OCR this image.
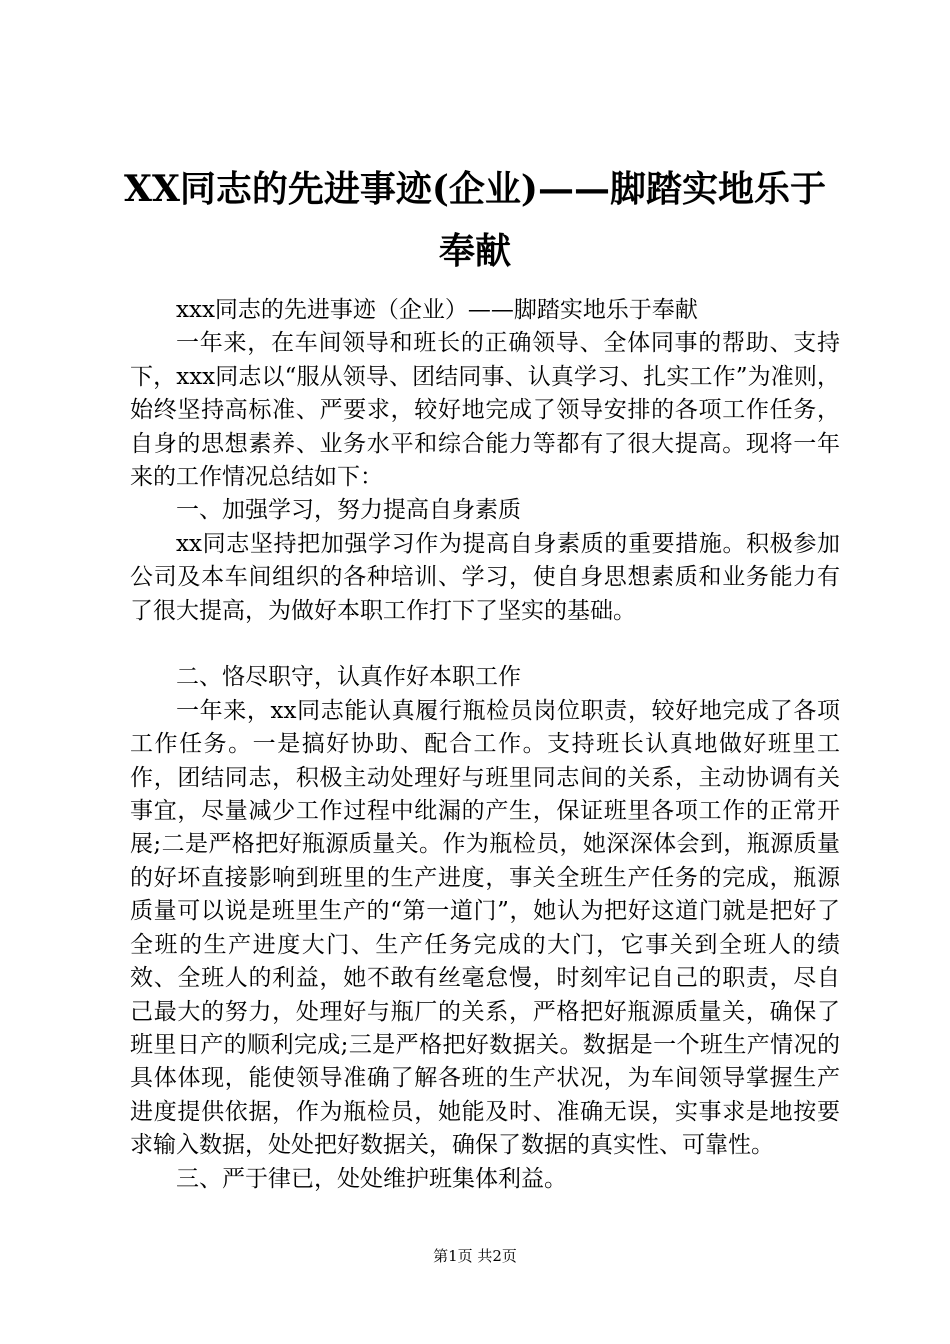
XX同志的先进事迹(企业)——脚踏实地乐于奉献

xxx同志的先进事迹（企业）——脚踏实地乐于奉献

一年来，在车间领导和班长的正确领导、全体同事的帮助、支持下，xxx同志以“服从领导、团结同事、认真学习、扎实工作”为准则，始终坚持高标准、严要求，较好地完成了领导安排的各项工作任务，自身的思想素养、业务水平和综合能力等都有了很大提高。现将一年来的工作情况总结如下：

一、加强学习，努力提高自身素质

xx同志坚持把加强学习作为提高自身素质的重要措施。积极参加公司及本车间组织的各种培训、学习，使自身思想素质和业务能力有了很大提高，为做好本职工作打下了坚实的基础。

二、恪尽职守，认真作好本职工作

一年来，xx同志能认真履行瓶检员岗位职责，较好地完成了各项工作任务。一是搞好协助、配合工作。支持班长认真地做好班里工作，团结同志，积极主动处理好与班里同志间的关系，主动协调有关事宜，尽量减少工作过程中纰漏的产生，保证班里各项工作的正常开展;二是严格把好瓶源质量关。作为瓶检员，她深深体会到，瓶源质量的好坏直接影响到班里的生产进度，事关全班生产任务的完成，瓶源质量可以说是班里生产的“第一道门”，她认为把好这道门就是把好了全班的生产进度大门、生产任务完成的大门，它事关到全班人的绩效、全班人的利益，她不敢有丝毫怠慢，时刻牢记自己的职责，尽自己最大的努力，处理好与瓶厂的关系，严格把好瓶源质量关，确保了班里日产的顺利完成;三是严格把好数据关。数据是一个班生产情况的具体体现，能使领导准确了解各班的生产状况，为车间领导掌握生产进度提供依据，作为瓶检员，她能及时、准确无误，实事求是地按要求输入数据，处处把好数据关，确保了数据的真实性、可靠性。

三、严于律已，处处维护班集体利益。

第1页 共2页
